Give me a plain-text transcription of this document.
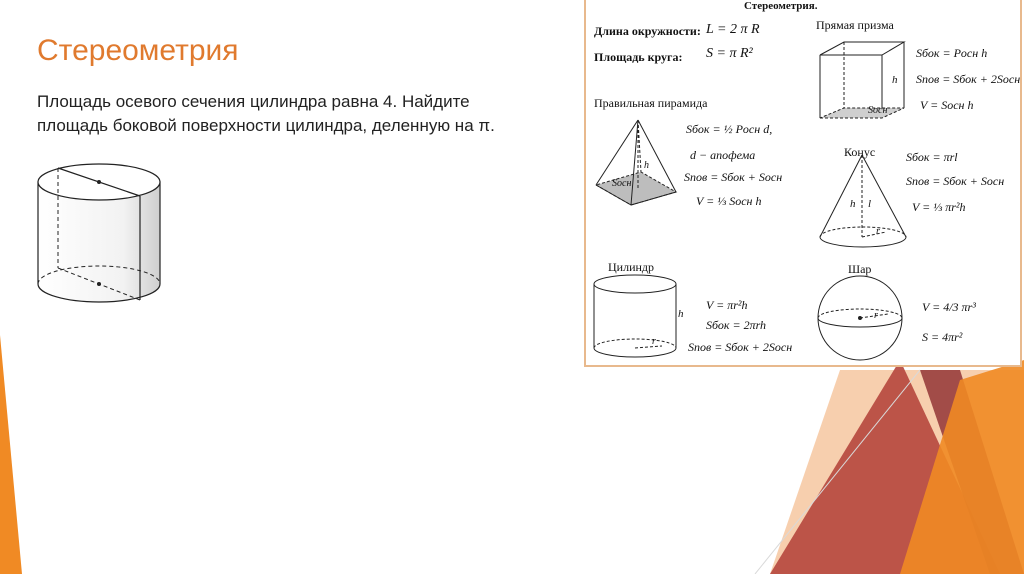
Стереометрия
Площадь осевого сечения цилиндра равна 4. Найдите площадь боковой поверхности цилиндра, деленную на π.
Стереометрия.
Длина окружности: L = 2 π R
Площадь круга: S = π R²
Прямая призма
Sбок = Pосн h
Sпов = Sбок + 2Sосн
V = Sосн h
h
Sосн
Правильная пирамида
Sбок = ½ Pосн d,
d − апофема
Sпов = Sбок + Sосн
V = ⅓ Sосн h
h
Sосн
Конус	Sбок = πrl
Sпов = Sбок + Sосн
V = ⅓ πr²h
h l
r
Цилиндр
V = πr²h
Sбок = 2πrh
Sпов = Sбок + 2Sосн
h
r
Шар
V = 4/3 πr³
S = 4πr²
r
